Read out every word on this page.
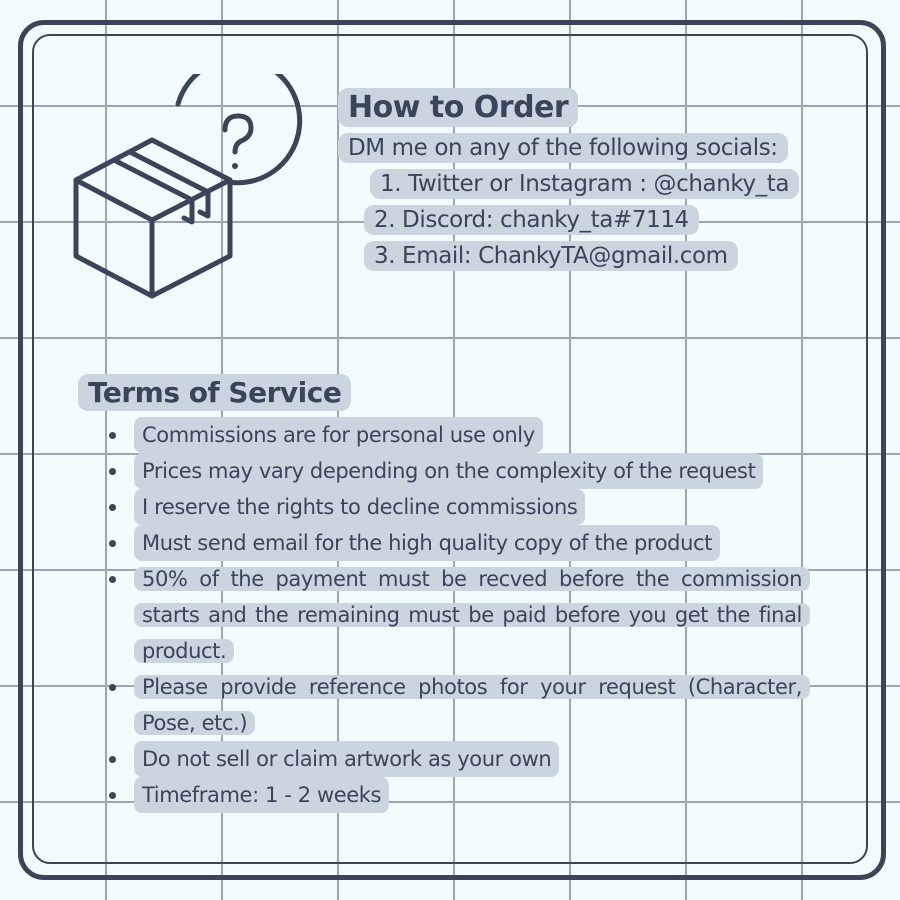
How to Order
DM me on any of the following socials:
1. Twitter or Instagram : @chanky_ta
2. Discord: chanky_ta#7114
3. Email: ChankyTA@gmail.com
Terms of Service
Commissions are for personal use only
Prices may vary depending on the complexity of the request
I reserve the rights to decline commissions
Must send email for the high quality copy of the product
50% of the payment must be recved before the commission starts and the remaining must be paid before you get the final product.
Please provide reference photos for your request (Character, Pose, etc.)
Do not sell or claim artwork as your own
Timeframe: 1 - 2 weeks
